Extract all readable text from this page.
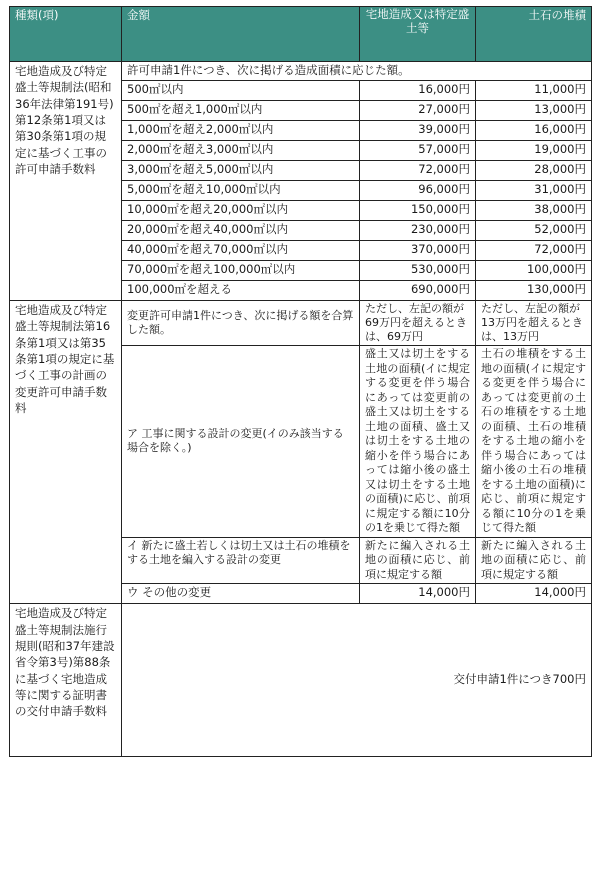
種類(項)	金額	宅地造成又は特定盛土等	土石の堆積
宅地造成及び特定盛土等規制法(昭和36年法律第191号)第12条第1項又は第30条第1項の規定に基づく工事の許可申請手数料	許可申請1件につき、次に掲げる造成面積に応じた額。		
	500㎡以内	16,000円	11,000円
	500㎡を超え1,000㎡以内	27,000円	13,000円
	1,000㎡を超え2,000㎡以内	39,000円	16,000円
	2,000㎡を超え3,000㎡以内	57,000円	19,000円
	3,000㎡を超え5,000㎡以内	72,000円	28,000円
	5,000㎡を超え10,000㎡以内	96,000円	31,000円
	10,000㎡を超え20,000㎡以内	150,000円	38,000円
	20,000㎡を超え40,000㎡以内	230,000円	52,000円
	40,000㎡を超え70,000㎡以内	370,000円	72,000円
	70,000㎡を超え100,000㎡以内	530,000円	100,000円
	100,000㎡を超える	690,000円	130,000円
宅地造成及び特定盛土等規制法第16条第1項又は第35条第1項の規定に基づく工事の計画の変更許可申請手数料	変更許可申請1件につき、次に掲げる額を合算した額。	ただし、左記の額が69万円を超えるときは、69万円	ただし、左記の額が13万円を超えるときは、13万円
	ア 工事に関する設計の変更(イのみ該当する場合を除く。)	盛土又は切土をする土地の面積(イに規定する変更を伴う場合にあっては変更前の盛土又は切土をする土地の面積、盛土又は切土をする土地の縮小を伴う場合にあっては縮小後の盛土又は切土をする土地の面積)に応じ、前項に規定する額に10分の1を乗じて得た額	土石の堆積をする土地の面積(イに規定する変更を伴う場合にあっては変更前の土石の堆積をする土地の面積、土石の堆積をする土地の縮小を伴う場合にあっては縮小後の土石の堆積をする土地の面積)に応じ、前項に規定する額に10分の1を乗じて得た額
	イ 新たに盛土若しくは切土又は土石の堆積をする土地を編入する設計の変更	新たに編入される土地の面積に応じ、前項に規定する額	新たに編入される土地の面積に応じ、前項に規定する額
	ウ その他の変更	14,000円	14,000円
宅地造成及び特定盛土等規制法施行規則(昭和37年建設省令第3号)第88条に基づく宅地造成等に関する証明書の交付申請手数料	交付申請1件につき700円		
